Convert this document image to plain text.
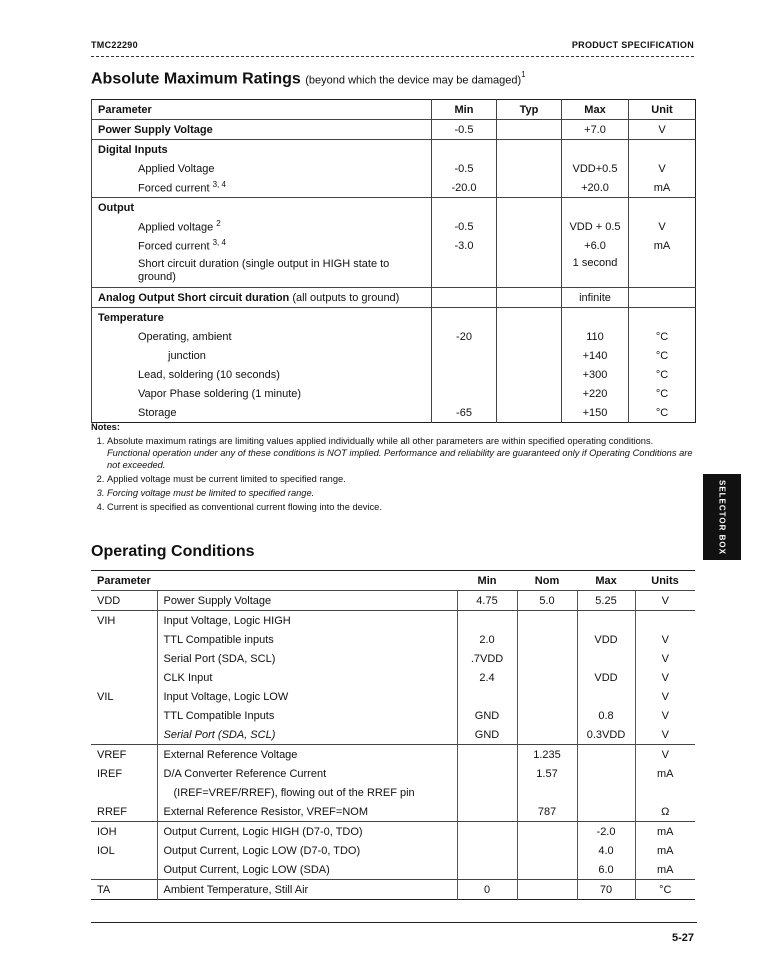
TMC22290	PRODUCT SPECIFICATION
Absolute Maximum Ratings (beyond which the device may be damaged)$^1$
Parameter	Min	Typ	Max	Unit
Power Supply Voltage	-0.5		+7.0	V
Digital Inputs				
Applied Voltage	-0.5		VDD+0.5	V
Forced current $^{3, 4}$	-20.0		+20.0	mA
Output				
Applied voltage $^2$	-0.5		VDD + 0.5	V
Forced current $^{3, 4}$	-3.0		+6.0	mA
Short circuit duration (single output in HIGH state to ground)			1 second	
Analog Output Short circuit duration (all outputs to ground)			infinite	
Temperature				
Operating, ambient	-20		110	°C
junction			+140	°C
Lead, soldering (10 seconds)			+300	°C
Vapor Phase soldering (1 minute)			+220	°C
Storage	-65		+150	°C
Notes:
1. Absolute maximum ratings are limiting values applied individually while all other parameters are within specified operating conditions. Functional operation under any of these conditions is NOT implied. Performance and reliability are guaranteed only if Operating Conditions are not exceeded.
2. Applied voltage must be current limited to specified range.
3. Forcing voltage must be limited to specified range.
4. Current is specified as conventional current flowing into the device.	SELECTOR BOX
Operating Conditions
Parameter		Min	Nom	Max	Units
VDD	Power Supply Voltage	4.75	5.0	5.25	V
VIH	Input Voltage, Logic HIGH				
	TTL Compatible inputs	2.0		VDD	V
	Serial Port (SDA, SCL)	.7VDD			V
	CLK Input	2.4		VDD	V
VIL	Input Voltage, Logic LOW				V
	TTL Compatible Inputs	GND		0.8	V
	Serial Port (SDA, SCL)	GND		0.3VDD	V
VREF	External Reference Voltage		1.235		V
IREF	D/A Converter Reference Current		1.57		mA
	(IREF=VREF/RREF), flowing out of the RREF pin				
RREF	External Reference Resistor, VREF=NOM		787		Ω
IOH	Output Current, Logic HIGH (D7-0, TDO)			-2.0	mA
IOL	Output Current, Logic LOW (D7-0, TDO)			4.0	mA
	Output Current, Logic LOW (SDA)			6.0	mA
TA	Ambient Temperature, Still Air	0		70	°C
5-27
